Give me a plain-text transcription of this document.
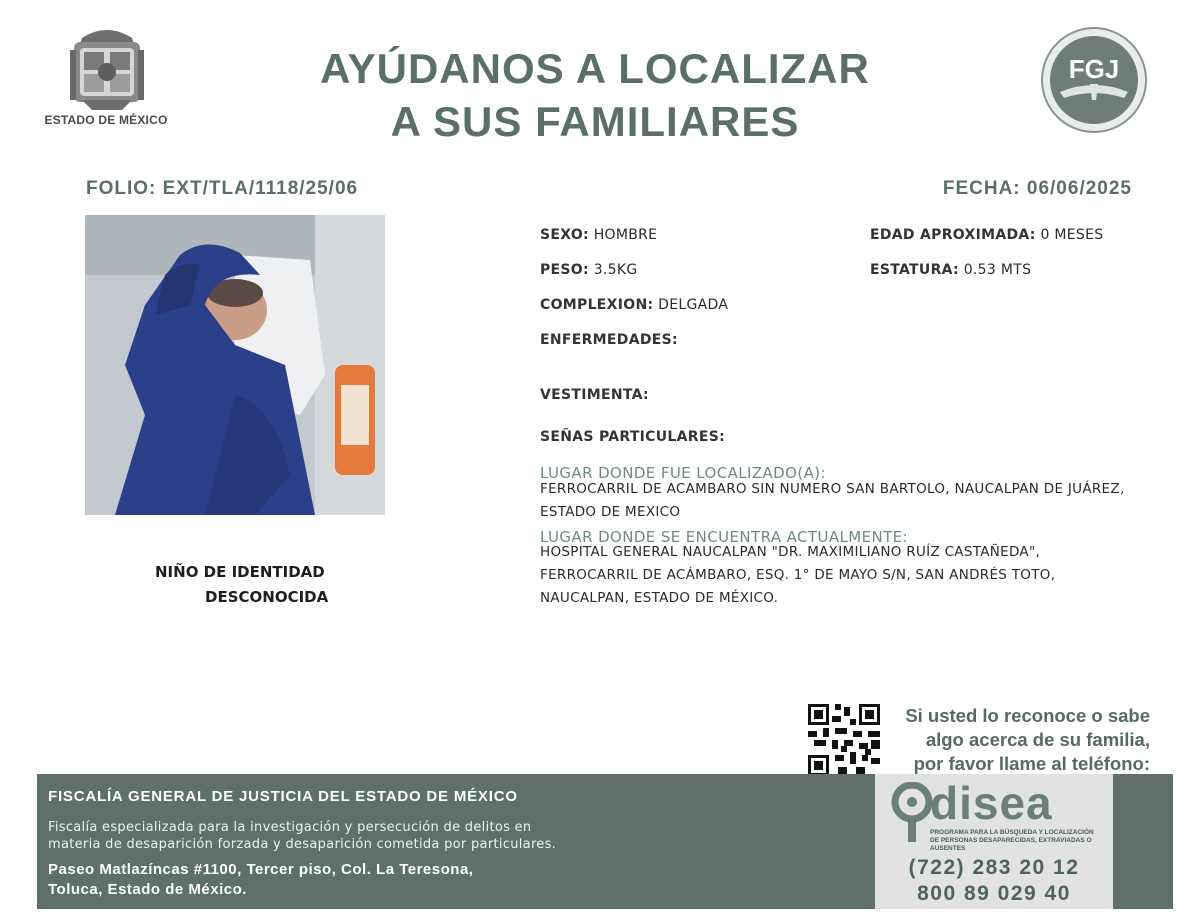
ESTADO DE MÉXICO
AYÚDANOS A LOCALIZAR
A SUS FAMILIARES
FGJ
FOLIO: EXT/TLA/1118/25/06	FECHA: 06/06/2025
NIÑO DE IDENTIDAD
DESCONOCIDA
SEXO: HOMBRE	EDAD APROXIMADA: 0 MESES
PESO: 3.5KG	ESTATURA: 0.53 MTS
COMPLEXION: DELGADA
ENFERMEDADES:
VESTIMENTA:
SEÑAS PARTICULARES:
LUGAR DONDE FUE LOCALIZADO(A):
FERROCARRIL DE ACAMBARO SIN NUMERO SAN BARTOLO, NAUCALPAN DE JUÁREZ,
ESTADO DE MEXICO
LUGAR DONDE SE ENCUENTRA ACTUALMENTE:
HOSPITAL GENERAL NAUCALPAN "DR. MAXIMILIANO RUÍZ CASTAÑEDA",
FERROCARRIL DE ACÁMBARO, ESQ. 1° DE MAYO S/N, SAN ANDRÉS TOTO,
NAUCALPAN, ESTADO DE MÉXICO.
Si usted lo reconoce o sabe
algo acerca de su familia,
por favor llame al teléfono:
FISCALÍA GENERAL DE JUSTICIA DEL ESTADO DE MÉXICO
Fiscalía especializada para la investigación y persecución de delitos en
materia de desaparición forzada y desaparición cometida por particulares.
Paseo Matlazíncas #1100, Tercer piso, Col. La Teresona,
Toluca, Estado de México.
disea
PROGRAMA PARA LA BÚSQUEDA Y LOCALIZACIÓN DE PERSONAS DESAPARECIDAS, EXTRAVIADAS O AUSENTES
(722) 283 20 12
800 89 029 40
